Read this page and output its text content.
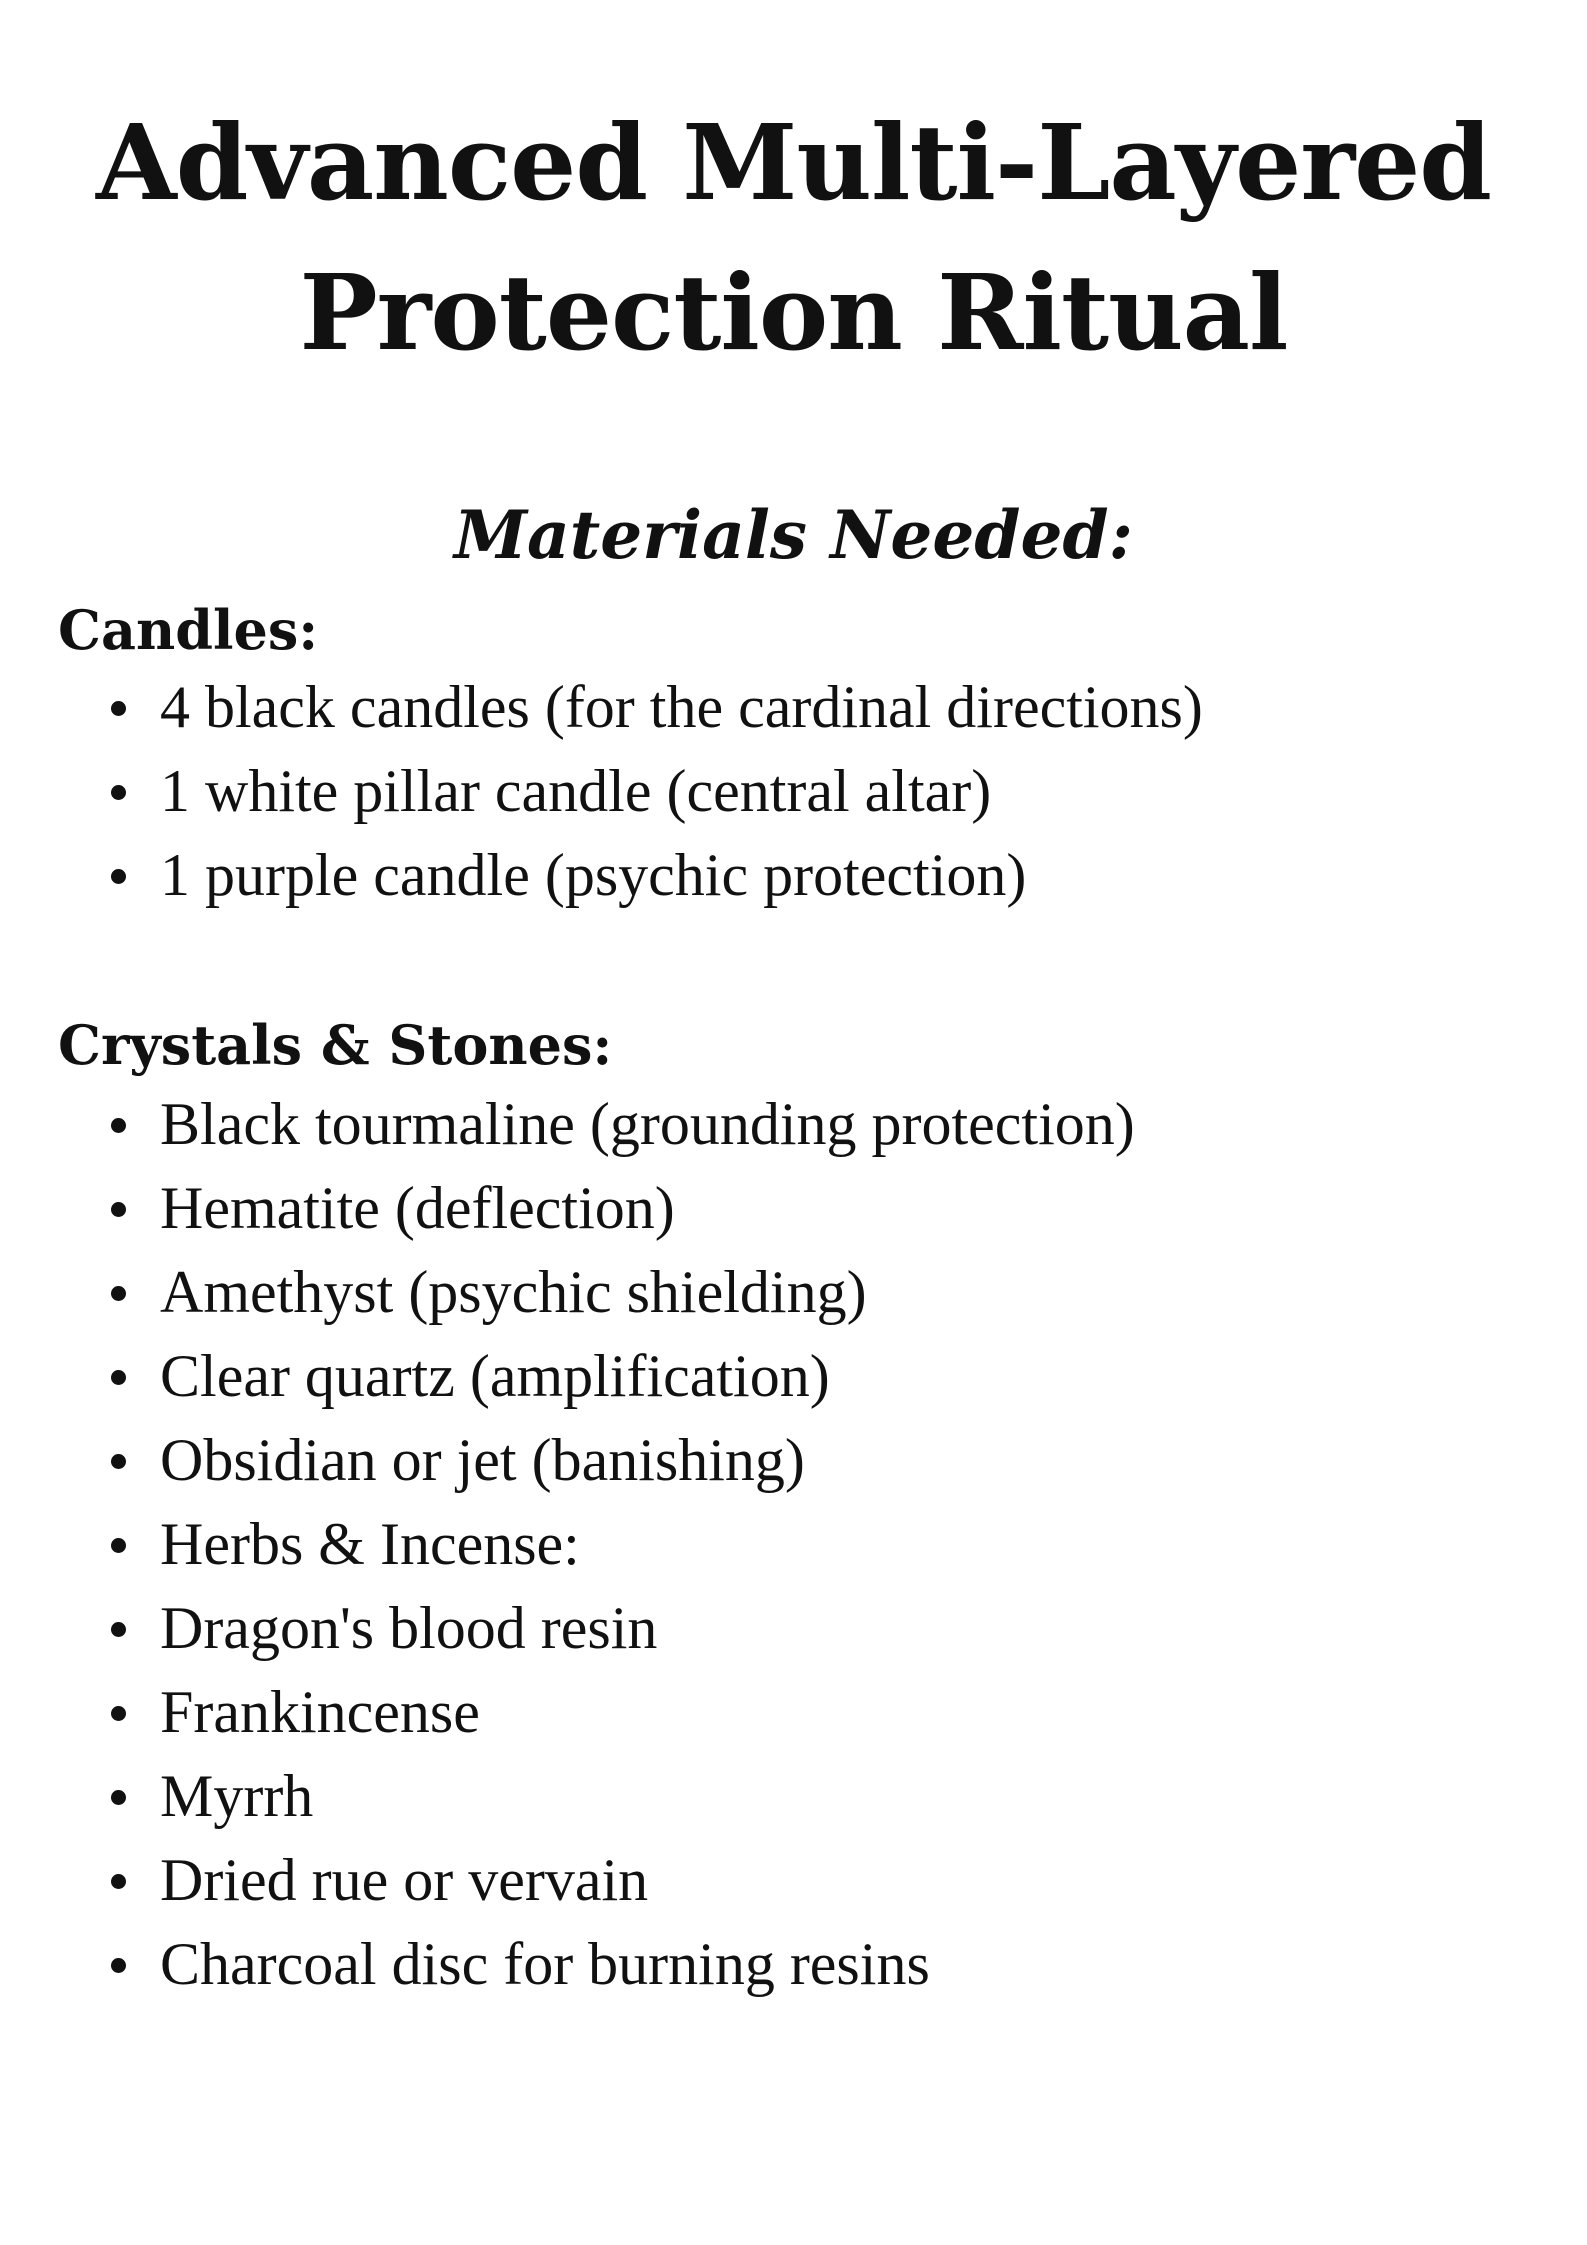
Advanced Multi-Layered
Protection Ritual
Materials Needed:
Candles:
4 black candles (for the cardinal directions)
1 white pillar candle (central altar)
1 purple candle (psychic protection)
Crystals & Stones:
Black tourmaline (grounding protection)
Hematite (deflection)
Amethyst (psychic shielding)
Clear quartz (amplification)
Obsidian or jet (banishing)
Herbs & Incense:
Dragon's blood resin
Frankincense
Myrrh
Dried rue or vervain
Charcoal disc for burning resins
